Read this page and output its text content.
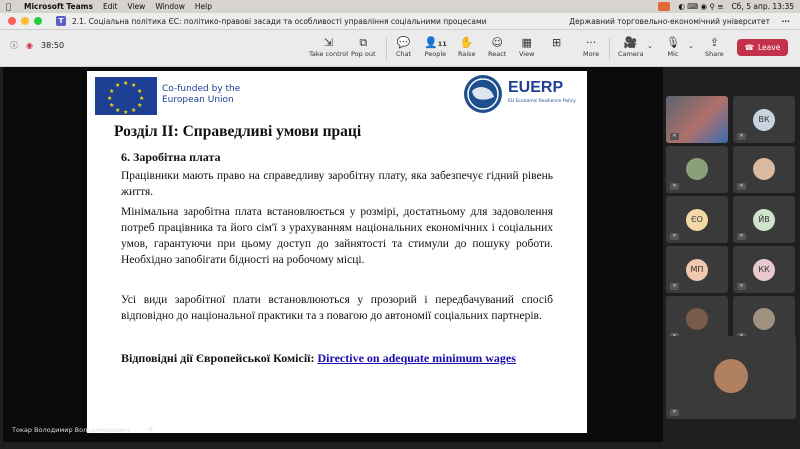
Microsoft Teams Edit View Window Help	◐ ⌨ ◉ ⚲ ≡ Сб, 5 апр. 13:35
T	2.1. Соціальна політика ЄС: політико-правові засади та особливості управління соціальними процесами	Державний торговельно-економічний університет ···
ⓘ ◉ 38:50	⇲
Take control
⧉
Pop out
💬
Chat
👤11
People
✋
Raise
☺
React
▦
View
⊞ ···
More
🎥
Camera
⌄ 🎙
Mic
⌄ ⇪
Share
☎ Leave
★ ★
★
★
★
★
★
★
★
★
★
★	Co-funded by the
European Union
EUERP
EU Economic Resilience Policy
Розділ ІІ: Справедливі умови праці
6. Заробітна плата
Працівники мають право на справедливу заробітну плату, яка забезпечує гідний рівень життя.
Мінімальна заробітна плата встановлюється у розмірі, достатньому для задоволення потреб працівника та його сім'ї з урахуванням національних економічних і соціальних умов, гарантуючи при цьому доступ до зайнятості та стимули до пошуку роботи. Необхідно запобігати бідності на робочому місці.
Усі види заробітної плати встановлюються у прозорий і передбачуваний спосіб відповідно до національної практики та з повагою до автономії соціальних партнерів.
Відповідні дії Європейської Комісії: Directive on adequate minimum wages
Токар Володимир Володимирович ··· +
✕
ВК
✕
✕	✕
ЄО
✕
ЙВ
✕
МП
✕
КК
✕
✕
